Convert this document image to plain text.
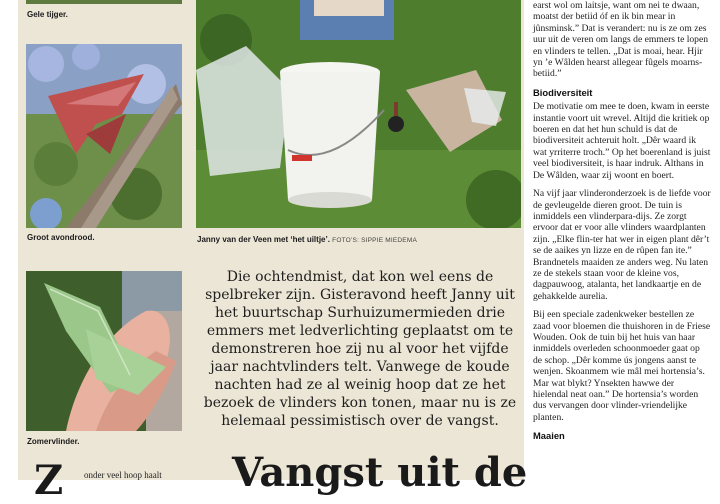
Gele tijger.
Groot avondrood.
Zomervlinder.
Janny van der Veen met ‘het uiltje’. FOTO’S: SIPPIE MIEDEMA
Die ochtendmist, dat kon wel eens de spelbreker zijn. Gisteravond heeft Janny uit het buurtschap Surhuizumermieden drie emmers met ledverlichting geplaatst om te demonstreren hoe zij nu al voor het vijfde jaar nachtvlinders telt. Vanwege de koude nachten had ze al weinig hoop dat ze het bezoek de vlinders kon tonen, maar nu is ze helemaal pessimistisch over de vangst.

earst wol om laitsje, want om nei te dwaan, moatst der betiid óf en ik bin mear in jûnsminsk.” Dat is verandert: nu is ze om zes uur uit de veren om langs de emmers te lopen en vlinders te tellen. „Dat is moai, hear. Hjir yn ’e Wâlden hearst allegear fûgels moarns-betiid.”

Biodiversiteit

De motivatie om mee te doen, kwam in eerste instantie voort uit wrevel. Altijd die kritiek op boeren en dat het hun schuld is dat de biodiversiteit achteruit holt. „Dêr waard ik wat yrriterre troch.” Op het boerenland is juist veel biodiversiteit, is haar indruk. Althans in De Wâlden, waar zij woont en boert.

Na vijf jaar vlinderonderzoek is de liefde voor de gevleugelde dieren groot. De tuin is inmiddels een vlinderpara-dijs. Ze zorgt ervoor dat er voor alle vlinders waardplanten zijn. „Elke flin-ter hat wer in eigen plant dêr’t se de aaikes yn lizze en de rûpen fan ite.” Brandnetels maaiden ze anders weg. Nu laten ze de stekels staan voor de kleine vos, dagpauwoog, atalanta, het landkaartje en de gehakkelde aurelia.

Bij een speciale zadenkweker bestellen ze zaad voor bloemen die thuishoren in de Friese Wouden. Ook de tuin bij het huis van haar inmiddels overleden schoonmoeder gaat op de schop. „Dêr komme ús jongens aanst te wenjen. Skoanmem wie mâl mei hortensia’s. Mar wat blykt? Ynsekten hawwe der hielendal neat oan.” De hortensia’s worden dus vervangen door vlinder-vriendelijke planten.

Maaien
Z onder veel hoop haalt Vangst uit de
